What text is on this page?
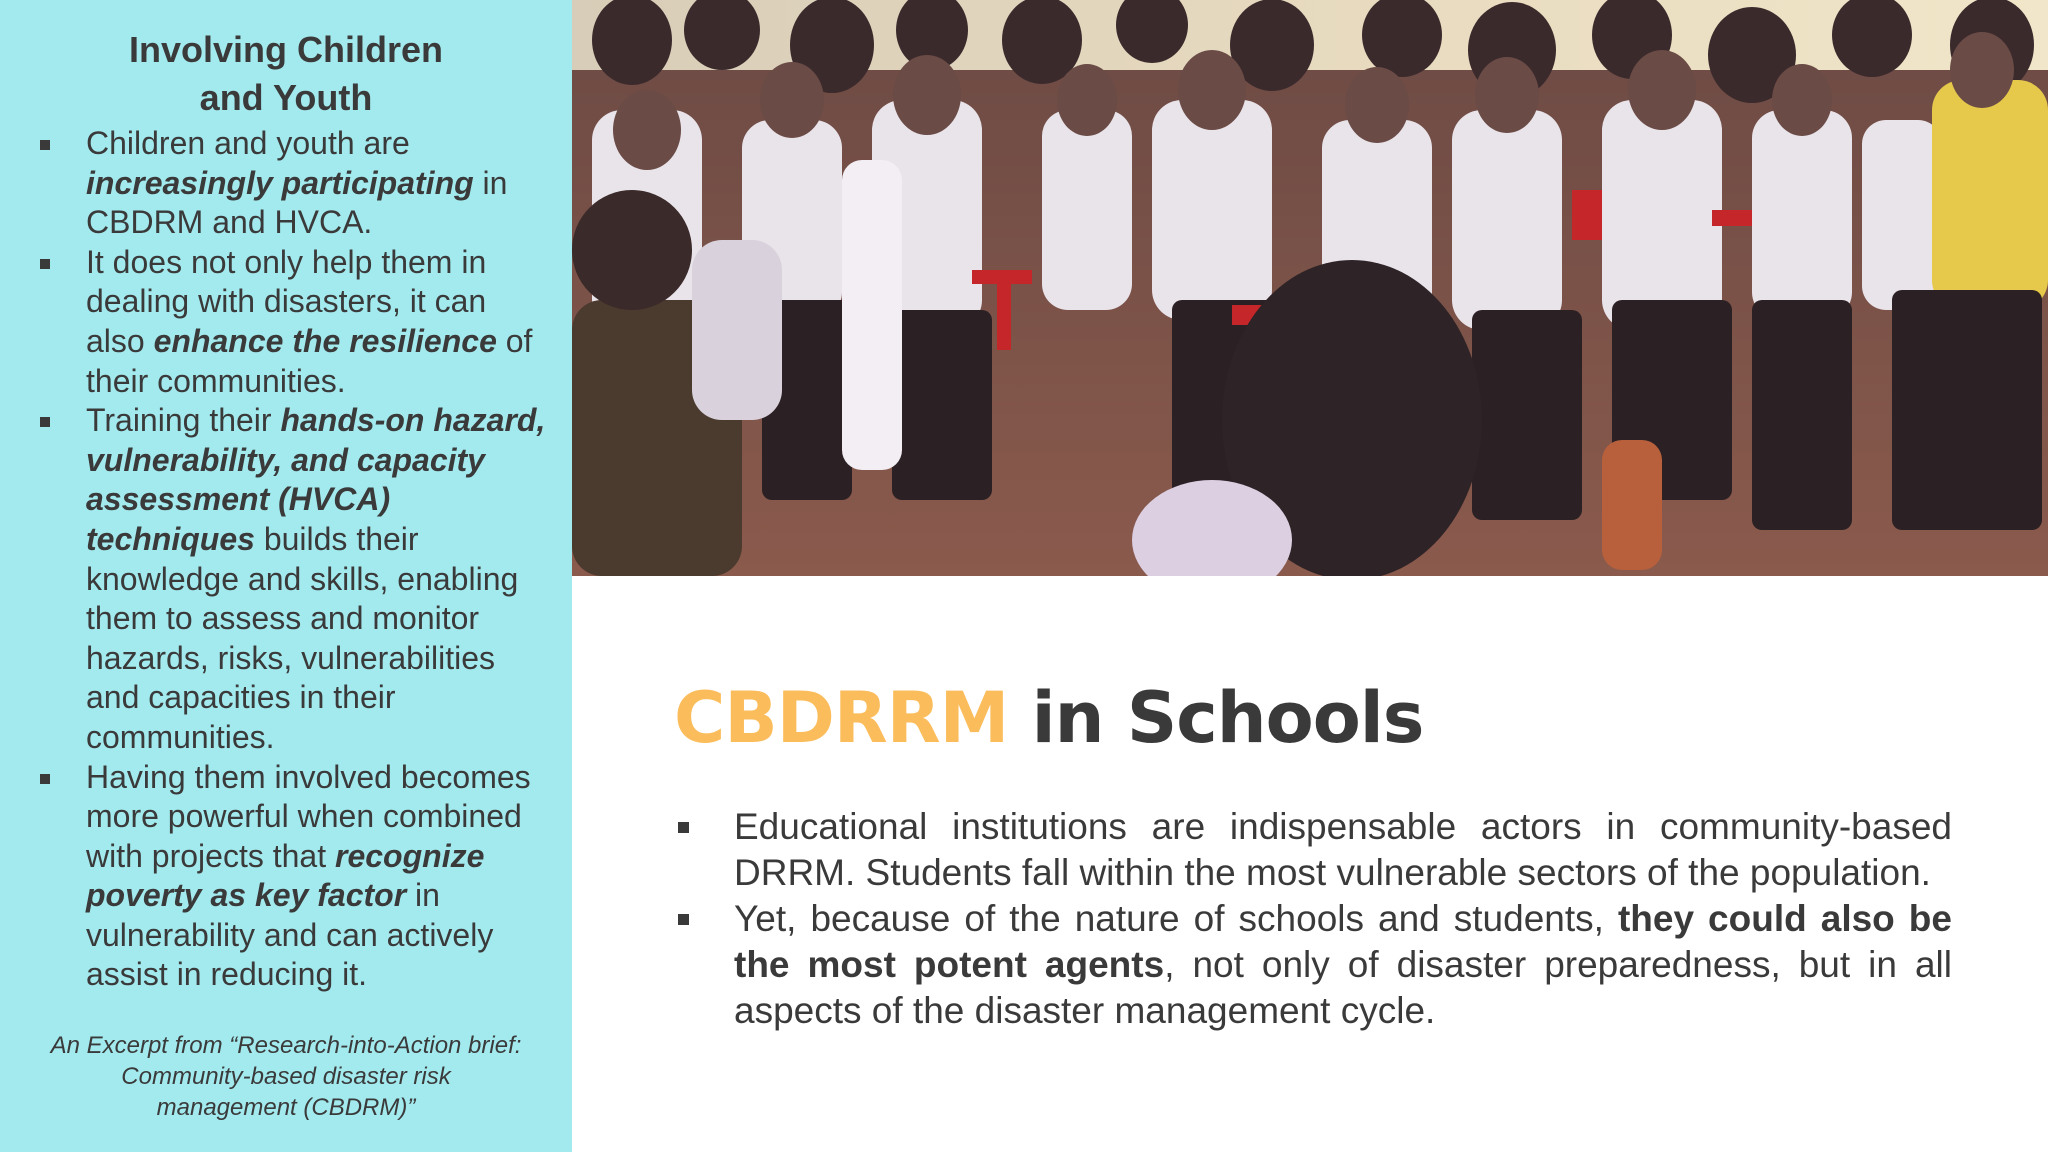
Involving Children
and Youth
Children and youth are increasingly participating in CBDRM and HVCA.
It does not only help them in dealing with disasters, it can also enhance the resilience of their communities.
Training their hands-on hazard, vulnerability, and capacity assessment (HVCA) techniques builds their knowledge and skills, enabling them to assess and monitor hazards, risks, vulnerabilities and capacities in their communities.
Having them involved becomes more powerful when combined with projects that recognize poverty as key factor in vulnerability and can actively assist in reducing it.
An Excerpt from “Research-into-Action brief:
Community-based disaster risk
management (CBDRM)”
CBDRRM in Schools
Educational institutions are indispensable actors in community-based DRRM. Students fall within the most vulnerable sectors of the population.
Yet, because of the nature of schools and students, they could also be the most potent agents, not only of disaster preparedness, but in all aspects of the disaster management cycle.
